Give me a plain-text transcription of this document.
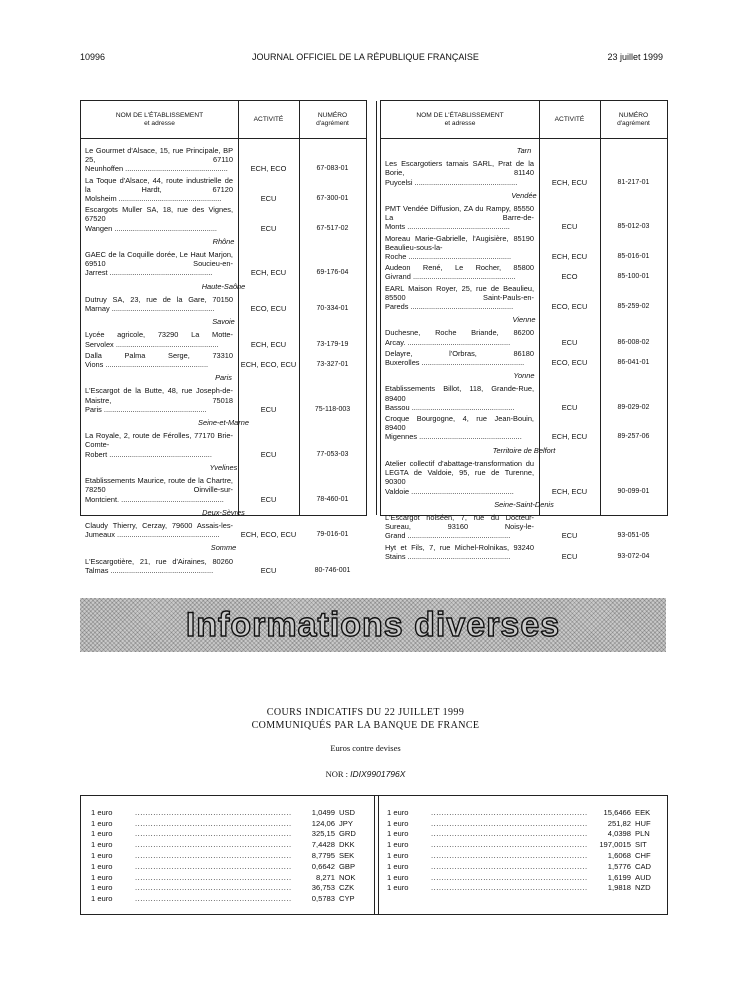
10996	JOURNAL OFFICIEL DE LA RÉPUBLIQUE FRANÇAISE	23 juillet 1999
NOM DE L'ÉTABLISSEMENT
et adresse
ACTIVITÉ
NUMÉRO
d'agrément
Le Gourmet d'Alsace, 15, rue Principale, BP 25, 67110 Neunhoffen .....	ECH, ECO	67-083-01
La Toque d'Alsace, 44, route industrielle de la Hardt, 67120 Molsheim .....	ECU	67-300-01
Escargots Muller SA, 18, rue des Vignes, 67520 Wangen .....	ECU	67-517-02
Rhône
GAEC de la Coquille dorée, Le Haut Marjon, 69510 Soucieu-en-Jarrest .....	ECH, ECU	69-176-04
Haute-Saône
Dutruy SA, 23, rue de la Gare, 70150 Marnay .....	ECO, ECU	70-334-01
Savoie
Lycée agricole, 73290 La Motte-Servolex .....	ECH, ECU	73-179-19
Dalla Palma Serge, 73310 Vions .....	ECH, ECO, ECU	73-327-01
Paris
L'Escargot de la Butte, 48, rue Joseph-de-Maistre, 75018 Paris .....	ECU	75-118-003
Seine-et-Marne
La Royale, 2, route de Férolles, 77170 Brie-Comte-Robert .....	ECU	77-053-03
Yvelines
Etablissements Maurice, route de la Chartre, 78250 Oinville-sur-Montcient. .....	ECU	78-460-01
Deux-Sèvres
Claudy Thierry, Cerzay, 79600 Assais-les-Jumeaux .....	ECH, ECO, ECU	79-016-01
Somme
L'Escargotière, 21, rue d'Airaines, 80260 Talmas .....	ECU	80-746-001
NOM DE L'ÉTABLISSEMENT
et adresse
ACTIVITÉ
NUMÉRO
d'agrément
Tarn
Les Escargotiers tarnais SARL, Prat de la Borie, 81140 Puycelsi .....	ECH, ECU	81-217-01
Vendée
PMT Vendée Diffusion, ZA du Rampy, 85550 La Barre-de-Monts .....	ECU	85-012-03
Moreau Marie-Gabrielle, l'Augisière, 85190 Beaulieu-sous-la-Roche .....	ECH, ECU	85-016-01
Audeon René, Le Rocher, 85800 Givrand .....	ECO	85-100-01
EARL Maison Royer, 25, rue de Beaulieu, 85500 Saint-Pauls-en-Pareds .....	ECO, ECU	85-259-02
Vienne
Duchesne, Roche Briande, 86200 Arcay. .....	ECU	86-008-02
Delayre, l'Orbras, 86180 Buxerolles .....	ECO, ECU	86-041-01
Yonne
Etablissements Billot, 118, Grande-Rue, 89400 Bassou .....	ECU	89-029-02
Croque Bourgogne, 4, rue Jean-Bouin, 89400 Migennes .....	ECH, ECU	89-257-06
Territoire de Belfort
Atelier collectif d'abattage-transformation du LEGTA de Valdoie, 95, rue de Turenne, 90300 Valdoie .....	ECH, ECU	90-099-01
Seine-Saint-Denis
L'Escargot noiséen, 7, rue du Docteur-Sureau, 93160 Noisy-le-Grand .....	ECU	93-051-05
Hyt et Fils, 7, rue Michel-Rolnikas, 93240 Stains .....	ECU	93-072-04
Informations diverses
COURS INDICATIFS DU 22 JUILLET 1999
COMMUNIQUÉS PAR LA BANQUE DE FRANCE
Euros contre devises
NOR : IDIX9901796X
1 euro .....	1,0499 USD
1 euro .....	124,06 JPY
1 euro .....	325,15 GRD
1 euro .....	7,4428 DKK
1 euro .....	8,7795 SEK
1 euro .....	0,6642 GBP
1 euro .....	8,271 NOK
1 euro .....	36,753 CZK
1 euro .....	0,5783 CYP
1 euro .....	15,6466 EEK
1 euro .....	251,82 HUF
1 euro .....	4,0398 PLN
1 euro .....	197,0015 SIT
1 euro .....	1,6068 CHF
1 euro .....	1,5776 CAD
1 euro .....	1,6199 AUD
1 euro .....	1,9818 NZD
